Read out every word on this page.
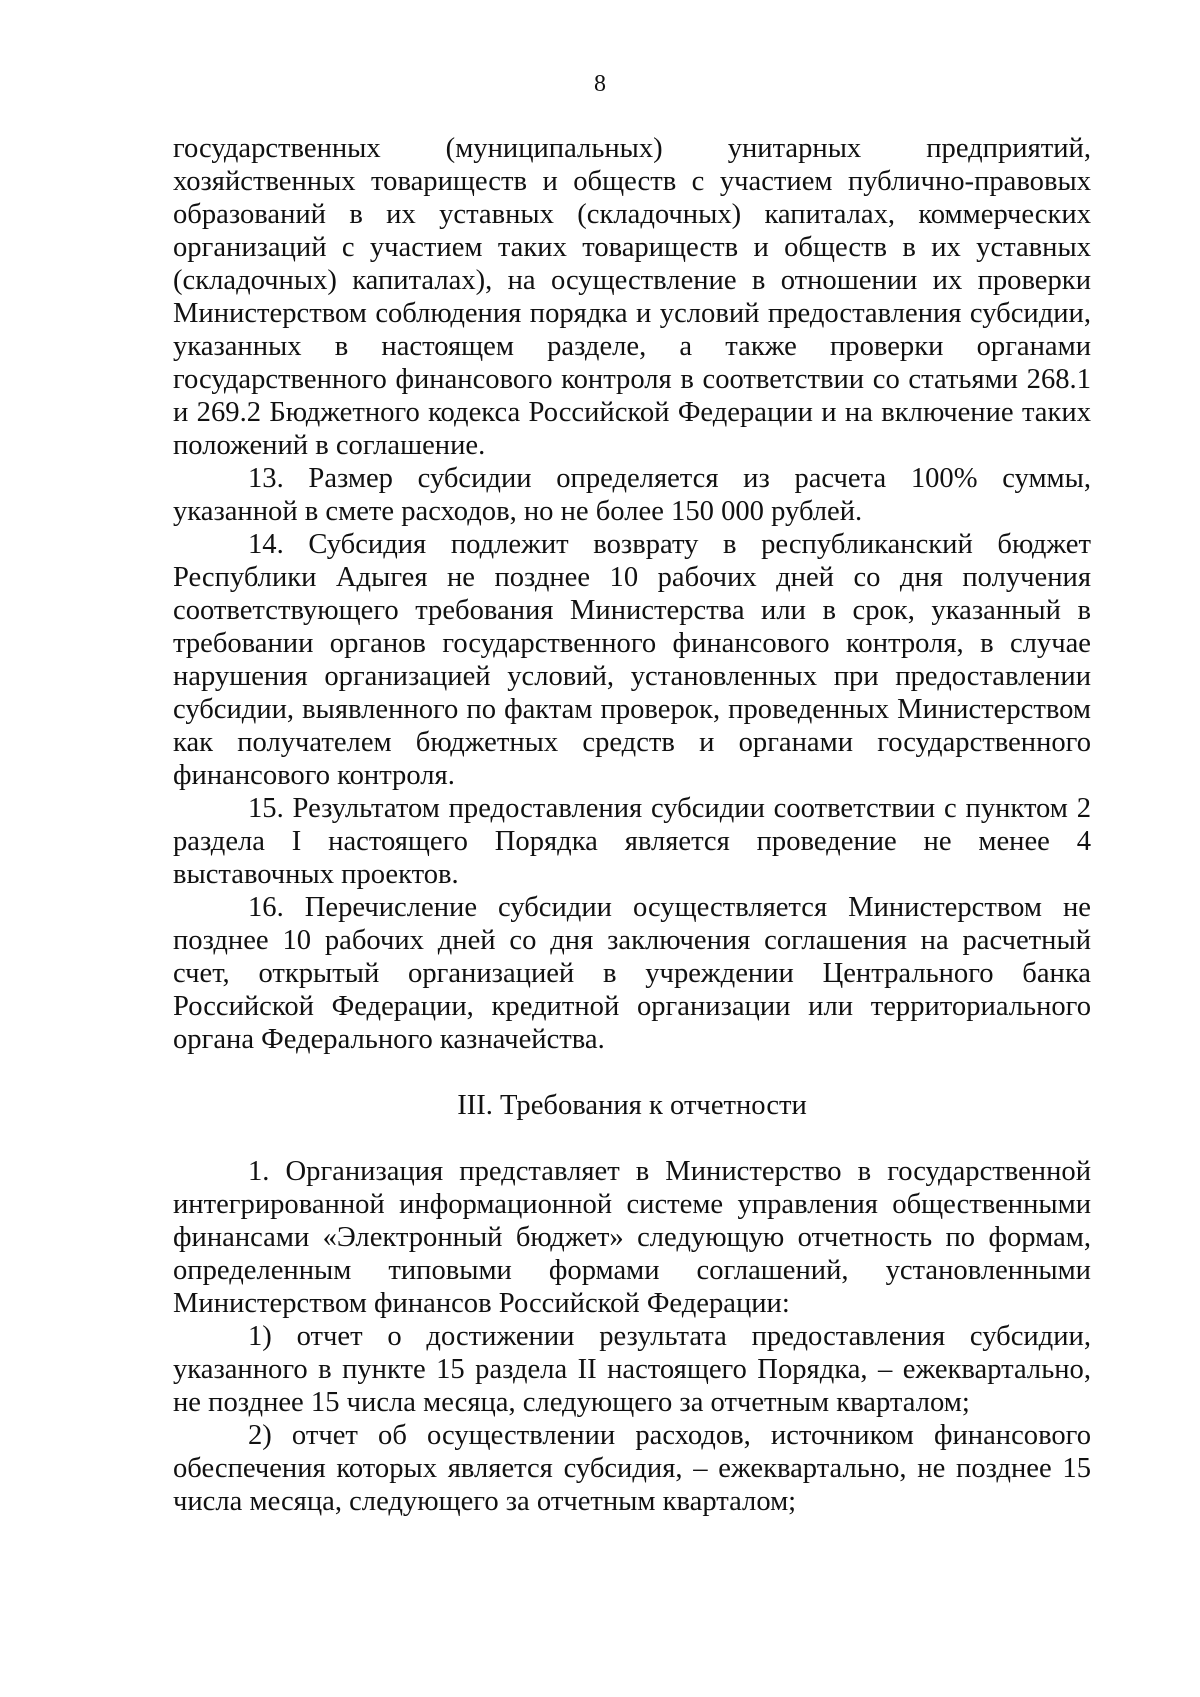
8

государственных (муниципальных) унитарных предприятий, хозяйственных товариществ и обществ с участием публично-правовых образований в их уставных (складочных) капиталах, коммерческих организаций с участием таких товариществ и обществ в их уставных (складочных) капиталах), на осуществление в отношении их проверки Министерством соблюдения порядка и условий предоставления субсидии, указанных в настоящем разделе, а также проверки органами государственного финансового контроля в соответствии со статьями 268.1 и 269.2 Бюджетного кодекса Российской Федерации и на включение таких положений в соглашение.

13. Размер субсидии определяется из расчета 100% суммы, указанной в смете расходов, но не более 150 000 рублей.

14. Субсидия подлежит возврату в республиканский бюджет Республики Адыгея не позднее 10 рабочих дней со дня получения соответствующего требования Министерства или в срок, указанный в требовании органов государственного финансового контроля, в случае нарушения организацией условий, установленных при предоставлении субсидии, выявленного по фактам проверок, проведенных Министерством как получателем бюджетных средств и органами государственного финансового контроля.

15. Результатом предоставления субсидии соответствии с пунктом 2 раздела I настоящего Порядка является проведение не менее 4 выставочных проектов.

16. Перечисление субсидии осуществляется Министерством не позднее 10 рабочих дней со дня заключения соглашения на расчетный счет, открытый организацией в учреждении Центрального банка Российской Федерации, кредитной организации или территориального органа Федерального казначейства.

III. Требования к отчетности

1. Организация представляет в Министерство в государственной интегрированной информационной системе управления общественными финансами «Электронный бюджет» следующую отчетность по формам, определенным типовыми формами соглашений, установленными Министерством финансов Российской Федерации:

1) отчет о достижении результата предоставления субсидии, указанного в пункте 15 раздела II настоящего Порядка, – ежеквартально, не позднее 15 числа месяца, следующего за отчетным кварталом;

2) отчет об осуществлении расходов, источником финансового обеспечения которых является субсидия, – ежеквартально, не позднее 15 числа месяца, следующего за отчетным кварталом;
